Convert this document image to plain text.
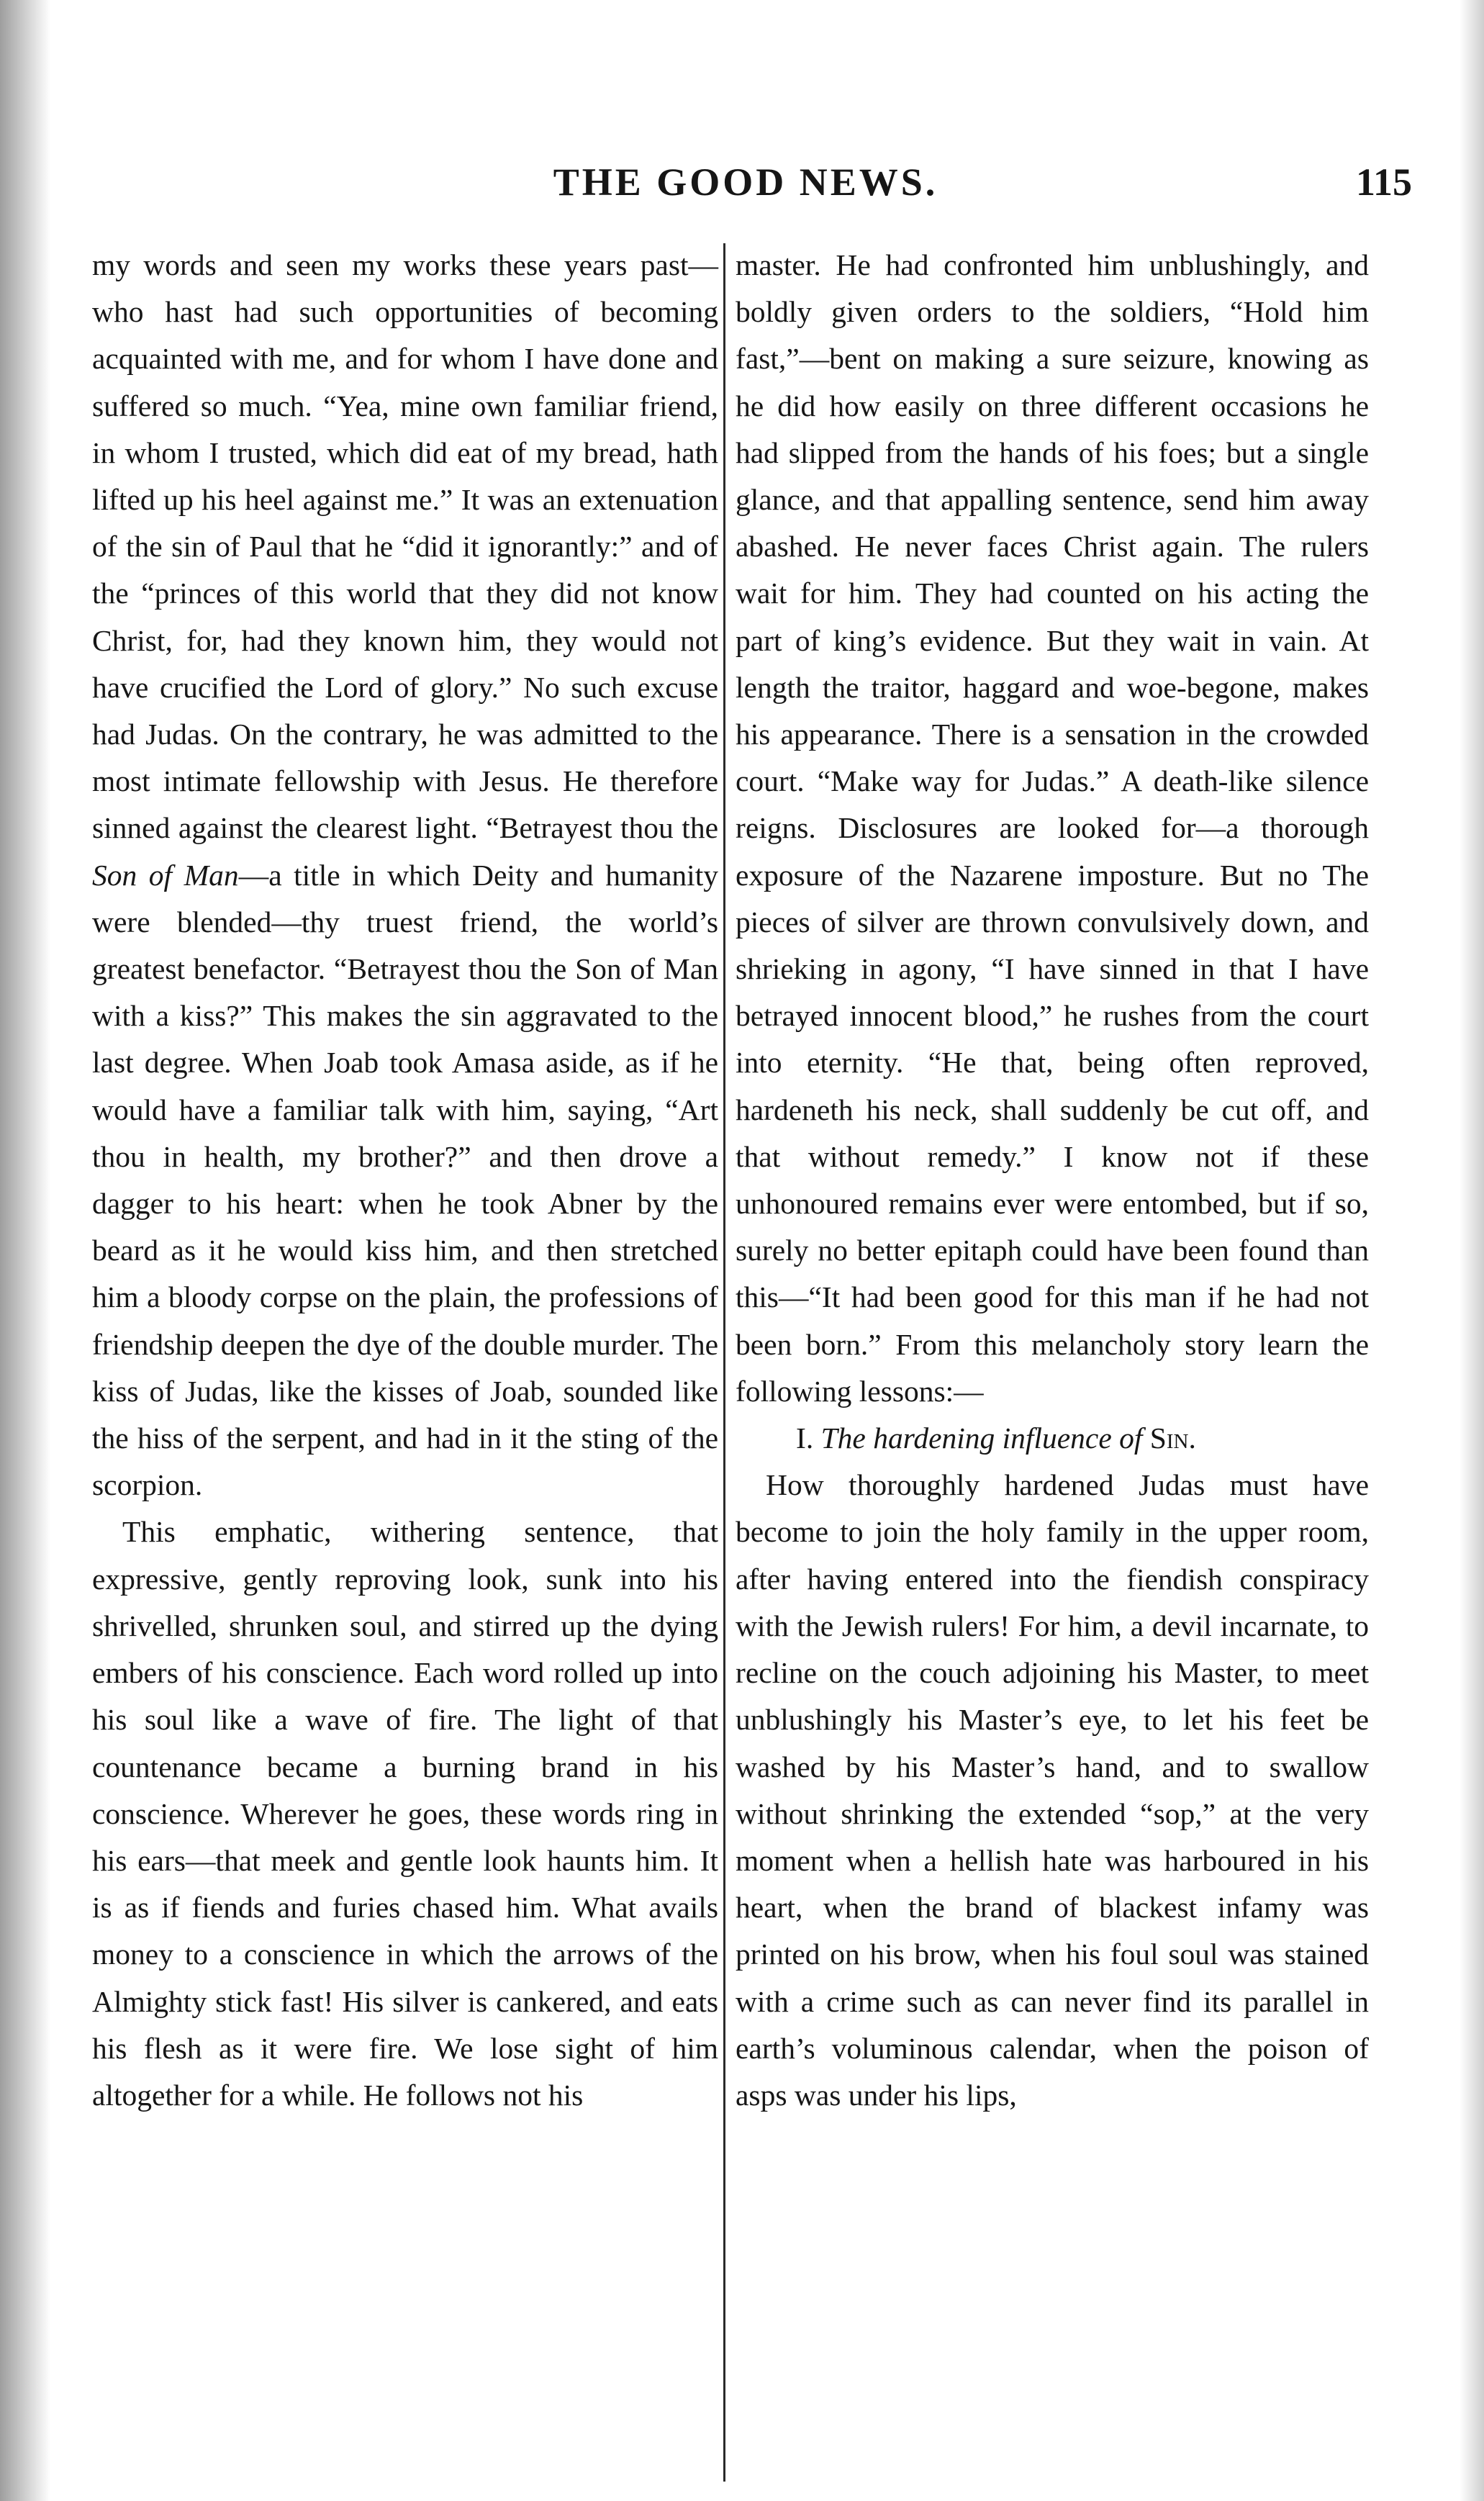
THE GOOD NEWS.	115

my words and seen my works these years past—who hast had such opportunities of becoming acquainted with me, and for whom I have done and suffered so much. “Yea, mine own familiar friend, in whom I trusted, which did eat of my bread, hath lifted up his heel against me.” It was an extenuation of the sin of Paul that he “did it ignorantly:” and of the “princes of this world that they did not know Christ, for, had they known him, they would not have crucified the Lord of glory.” No such excuse had Judas. On the contrary, he was admitted to the most intimate fellowship with Jesus. He therefore sinned against the clearest light. “Betrayest thou the Son of Man—a title in which Deity and humanity were blended—thy truest friend, the world’s greatest benefactor. “Betrayest thou the Son of Man with a kiss?” This makes the sin aggravated to the last degree. When Joab took Amasa aside, as if he would have a familiar talk with him, saying, “Art thou in health, my brother?” and then drove a dagger to his heart: when he took Abner by the beard as it he would kiss him, and then stretched him a bloody corpse on the plain, the professions of friendship deepen the dye of the double murder. The kiss of Judas, like the kisses of Joab, sounded like the hiss of the serpent, and had in it the sting of the scorpion.

This emphatic, withering sentence, that expressive, gently reproving look, sunk into his shrivelled, shrunken soul, and stirred up the dying embers of his conscience. Each word rolled up into his soul like a wave of fire. The light of that countenance became a burning brand in his conscience. Wherever he goes, these words ring in his ears—that meek and gentle look haunts him. It is as if fiends and furies chased him. What avails money to a conscience in which the arrows of the Almighty stick fast! His silver is cankered, and eats his flesh as it were fire. We lose sight of him altogether for a while. He follows not his

master. He had confronted him unblushingly, and boldly given orders to the soldiers, “Hold him fast,”—bent on making a sure seizure, knowing as he did how easily on three different occasions he had slipped from the hands of his foes; but a single glance, and that appalling sentence, send him away abashed. He never faces Christ again. The rulers wait for him. They had counted on his acting the part of king’s evidence. But they wait in vain. At length the traitor, haggard and woe-begone, makes his appearance. There is a sensation in the crowded court. “Make way for Judas.” A death-like silence reigns. Disclosures are looked for—a thorough exposure of the Nazarene imposture. But no The pieces of silver are thrown convulsively down, and shrieking in agony, “I have sinned in that I have betrayed innocent blood,” he rushes from the court into eternity. “He that, being often reproved, hardeneth his neck, shall suddenly be cut off, and that without remedy.” I know not if these unhonoured remains ever were entombed, but if so, surely no better epitaph could have been found than this—“It had been good for this man if he had not been born.” From this melancholy story learn the following lessons:—

I. The hardening influence of Sin.

How thoroughly hardened Judas must have become to join the holy family in the upper room, after having entered into the fiendish conspiracy with the Jewish rulers! For him, a devil incarnate, to recline on the couch adjoining his Master, to meet unblushingly his Master’s eye, to let his feet be washed by his Master’s hand, and to swallow without shrinking the extended “sop,” at the very moment when a hellish hate was harboured in his heart, when the brand of blackest infamy was printed on his brow, when his foul soul was stained with a crime such as can never find its parallel in earth’s voluminous calendar, when the poison of asps was under his lips,
